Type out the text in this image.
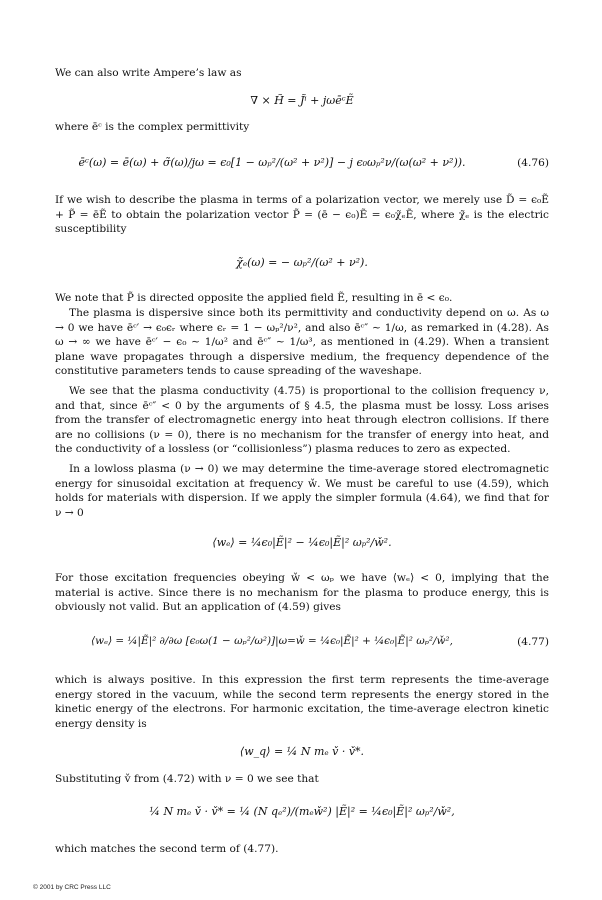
We can also write Ampere’s law as

∇ × H̃ = J̃ⁱ + jωēᶜẼ

where ēᶜ is the complex permittivity

ēᶜ(ω) = ē(ω) + σ̃(ω)/jω = ϵ₀[1 − ωₚ²/(ω² + ν²)] − j ϵ₀ωₚ²ν/(ω(ω² + ν²)).	(4.76)

If we wish to describe the plasma in terms of a polarization vector, we merely use D̃ = ϵ₀Ẽ + P̃ = ēẼ to obtain the polarization vector P̃ = (ē − ϵ₀)Ẽ = ϵ₀χ̃ₑẼ, where χ̃ₑ is the electric susceptibility

χ̃ₑ(ω) = − ωₚ²/(ω² + ν²).

We note that P̃ is directed opposite the applied field Ẽ, resulting in ē < ϵ₀.

The plasma is dispersive since both its permittivity and conductivity depend on ω. As ω → 0 we have ēᶜ′ → ϵ₀ϵᵣ where ϵᵣ = 1 − ωₚ²/ν², and also ēᶜ″ ∼ 1/ω, as remarked in (4.28). As ω → ∞ we have ēᶜ′ − ϵ₀ ∼ 1/ω² and ēᶜ″ ∼ 1/ω³, as mentioned in (4.29). When a transient plane wave propagates through a dispersive medium, the frequency dependence of the constitutive parameters tends to cause spreading of the waveshape.

We see that the plasma conductivity (4.75) is proportional to the collision frequency ν, and that, since ēᶜ″ < 0 by the arguments of § 4.5, the plasma must be lossy. Loss arises from the transfer of electromagnetic energy into heat through electron collisions. If there are no collisions (ν = 0), there is no mechanism for the transfer of energy into heat, and the conductivity of a lossless (or “collisionless”) plasma reduces to zero as expected.

In a lowloss plasma (ν → 0) we may determine the time-average stored electromagnetic energy for sinusoidal excitation at frequency w̌. We must be careful to use (4.59), which holds for materials with dispersion. If we apply the simpler formula (4.64), we find that for ν → 0

⟨wₑ⟩ = ¼ϵ₀|Ẽ|² − ¼ϵ₀|Ẽ|² ωₚ²/w̌².

For those excitation frequencies obeying w̌ < ωₚ we have ⟨wₑ⟩ < 0, implying that the material is active. Since there is no mechanism for the plasma to produce energy, this is obviously not valid. But an application of (4.59) gives

⟨wₑ⟩ = ¼|Ẽ|² ∂/∂ω [ϵ₀ω(1 − ωₚ²/ω²)]|ω=w̌ = ¼ϵ₀|Ẽ|² + ¼ϵ₀|Ẽ|² ωₚ²/w̌²,	(4.77)

which is always positive. In this expression the first term represents the time-average energy stored in the vacuum, while the second term represents the energy stored in the kinetic energy of the electrons. For harmonic excitation, the time-average electron kinetic energy density is

⟨w_q⟩ = ¼ N mₑ v̌ · v̌*.

Substituting v̌ from (4.72) with ν = 0 we see that

¼ N mₑ v̌ · v̌* = ¼ (N qₑ²)/(mₑw̌²) |Ẽ|² = ¼ϵ₀|Ẽ|² ωₚ²/w̌²,

which matches the second term of (4.77).

© 2001 by CRC Press LLC
